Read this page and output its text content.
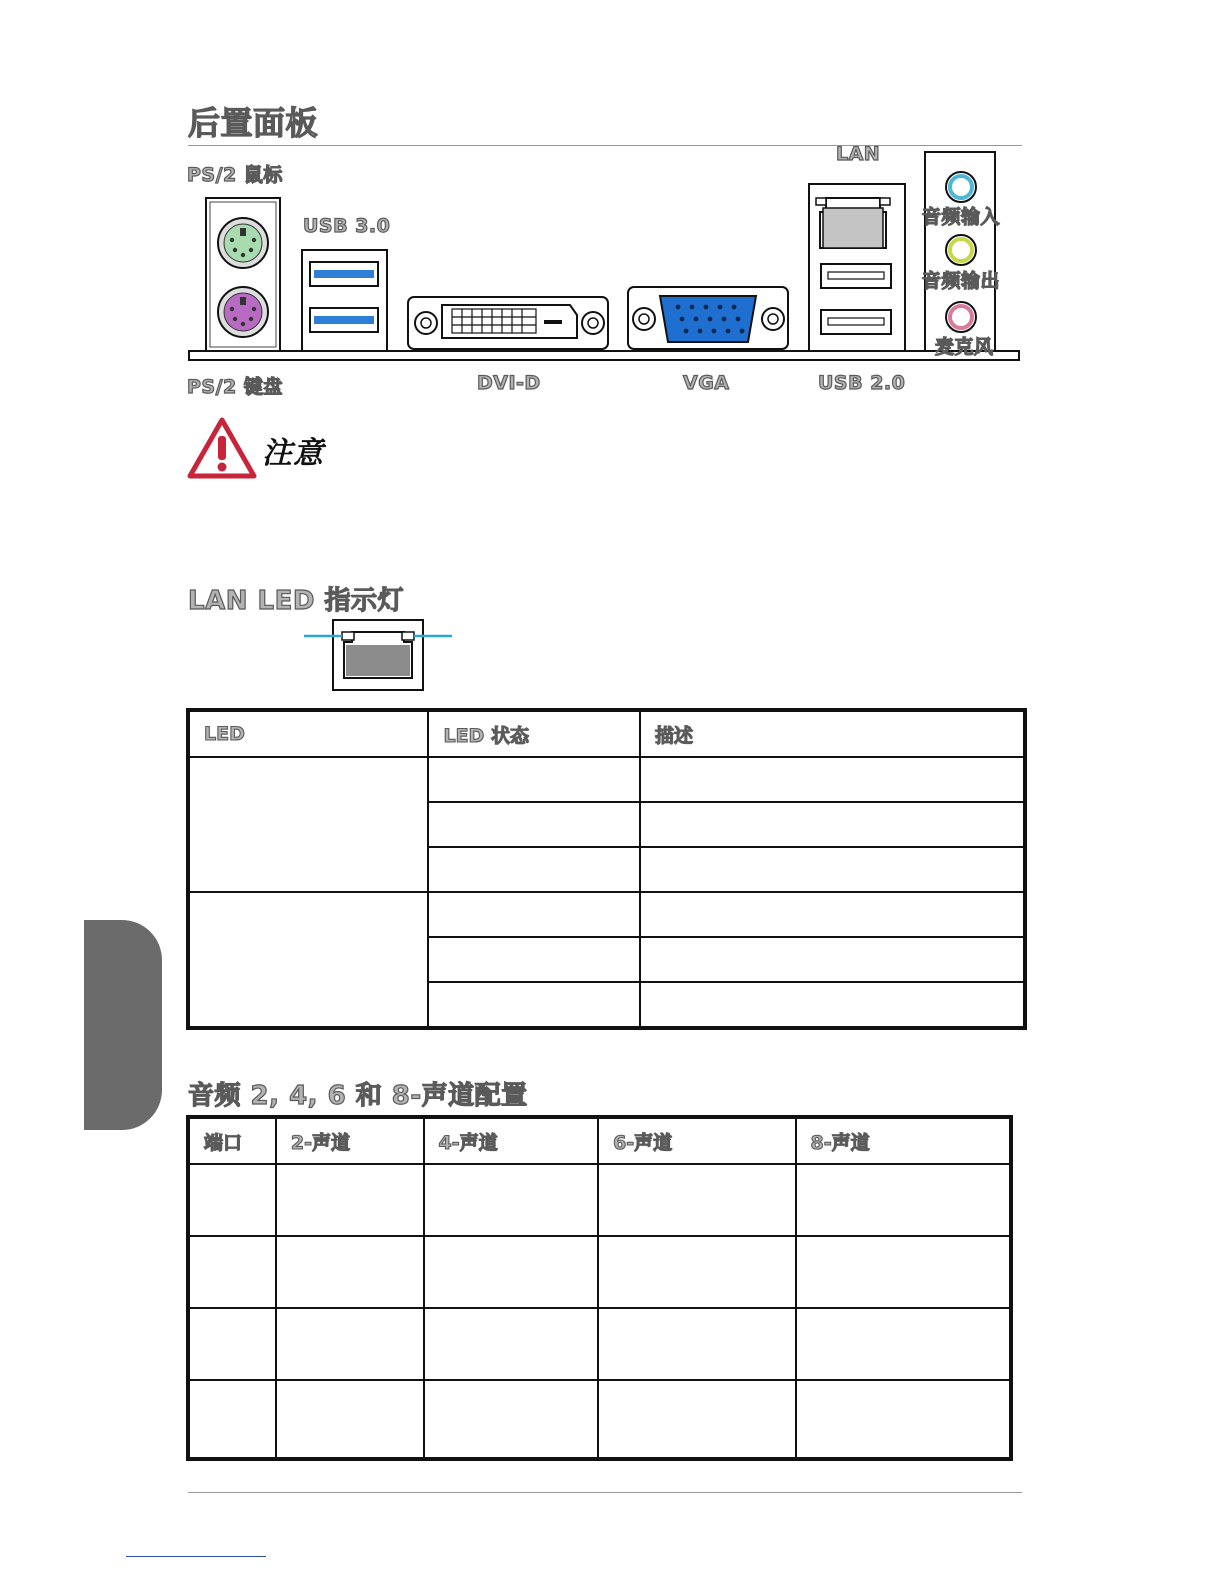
后置面板
PS/2 鼠标
USB 3.0
LAN
音频输入
音频输出
麦克风
PS/2 键盘	DVI-D	VGA	USB 2.0
注意
LAN LED 指示灯
LED	LED 状态	描述

音频 2, 4, 6 和 8-声道配置
端口	2-声道	4-声道	6-声道	8-声道
